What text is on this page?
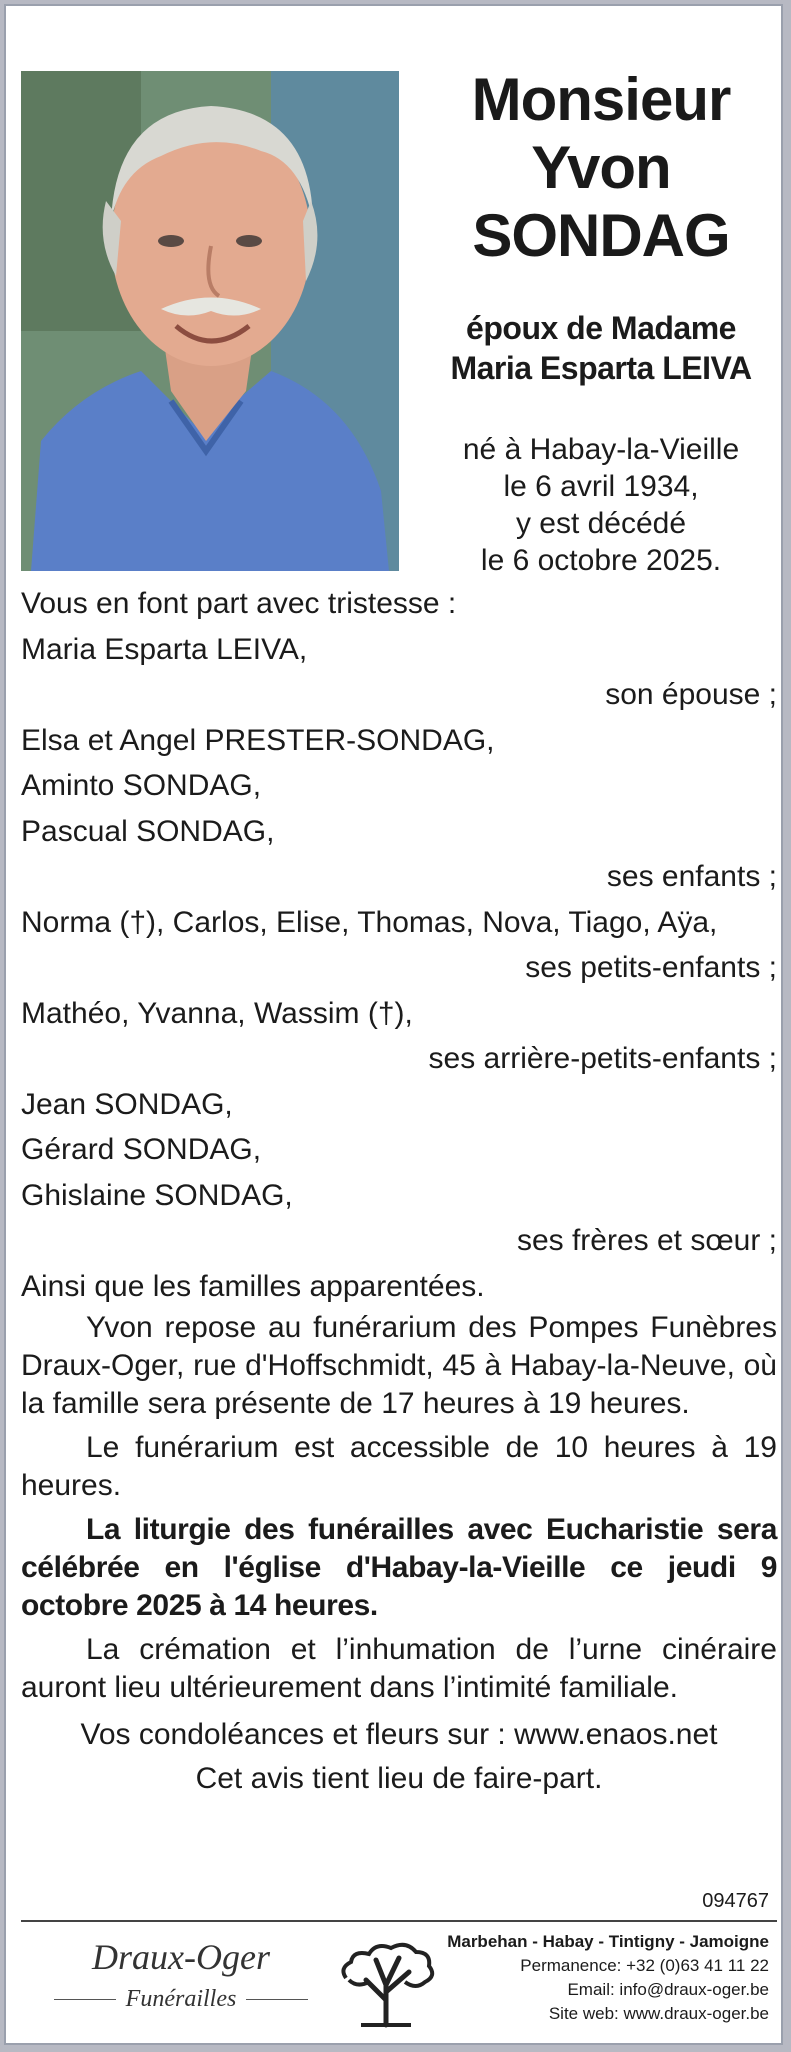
Monsieur
Yvon
SONDAG
époux de Madame
Maria Esparta LEIVA
né à Habay-la-Vieille
le 6 avril 1934,
y est décédé
le 6 octobre 2025.
Vous en font part avec tristesse :
Maria Esparta LEIVA,
son épouse ;
Elsa et Angel PRESTER-SONDAG,
Aminto SONDAG,
Pascual SONDAG,
ses enfants ;
Norma (†), Carlos, Elise, Thomas, Nova, Tiago, Aÿa,
ses petits-enfants ;
Mathéo, Yvanna, Wassim (†),
ses arrière-petits-enfants ;
Jean SONDAG,
Gérard SONDAG,
Ghislaine SONDAG,
ses frères et sœur ;
Ainsi que les familles apparentées.

Yvon repose au funérarium des Pompes Funèbres Draux-Oger, rue d'Hoffschmidt, 45 à Habay-la-Neuve, où la famille sera présente de 17 heures à 19 heures.

Le funérarium est accessible de 10 heures à 19 heures.

La liturgie des funérailles avec Eucharistie sera célébrée en l'église d'Habay-la-Vieille ce jeudi 9 octobre 2025 à 14 heures.

La crémation et l’inhumation de l’urne cinéraire auront lieu ultérieurement dans l’intimité familiale.

Vos condoléances et fleurs sur : www.enaos.net
Cet avis tient lieu de faire-part.
094767
Draux-Oger
Funérailles
Marbehan - Habay - Tintigny - Jamoigne
Permanence: +32 (0)63 41 11 22
Email: info@draux-oger.be
Site web: www.draux-oger.be
